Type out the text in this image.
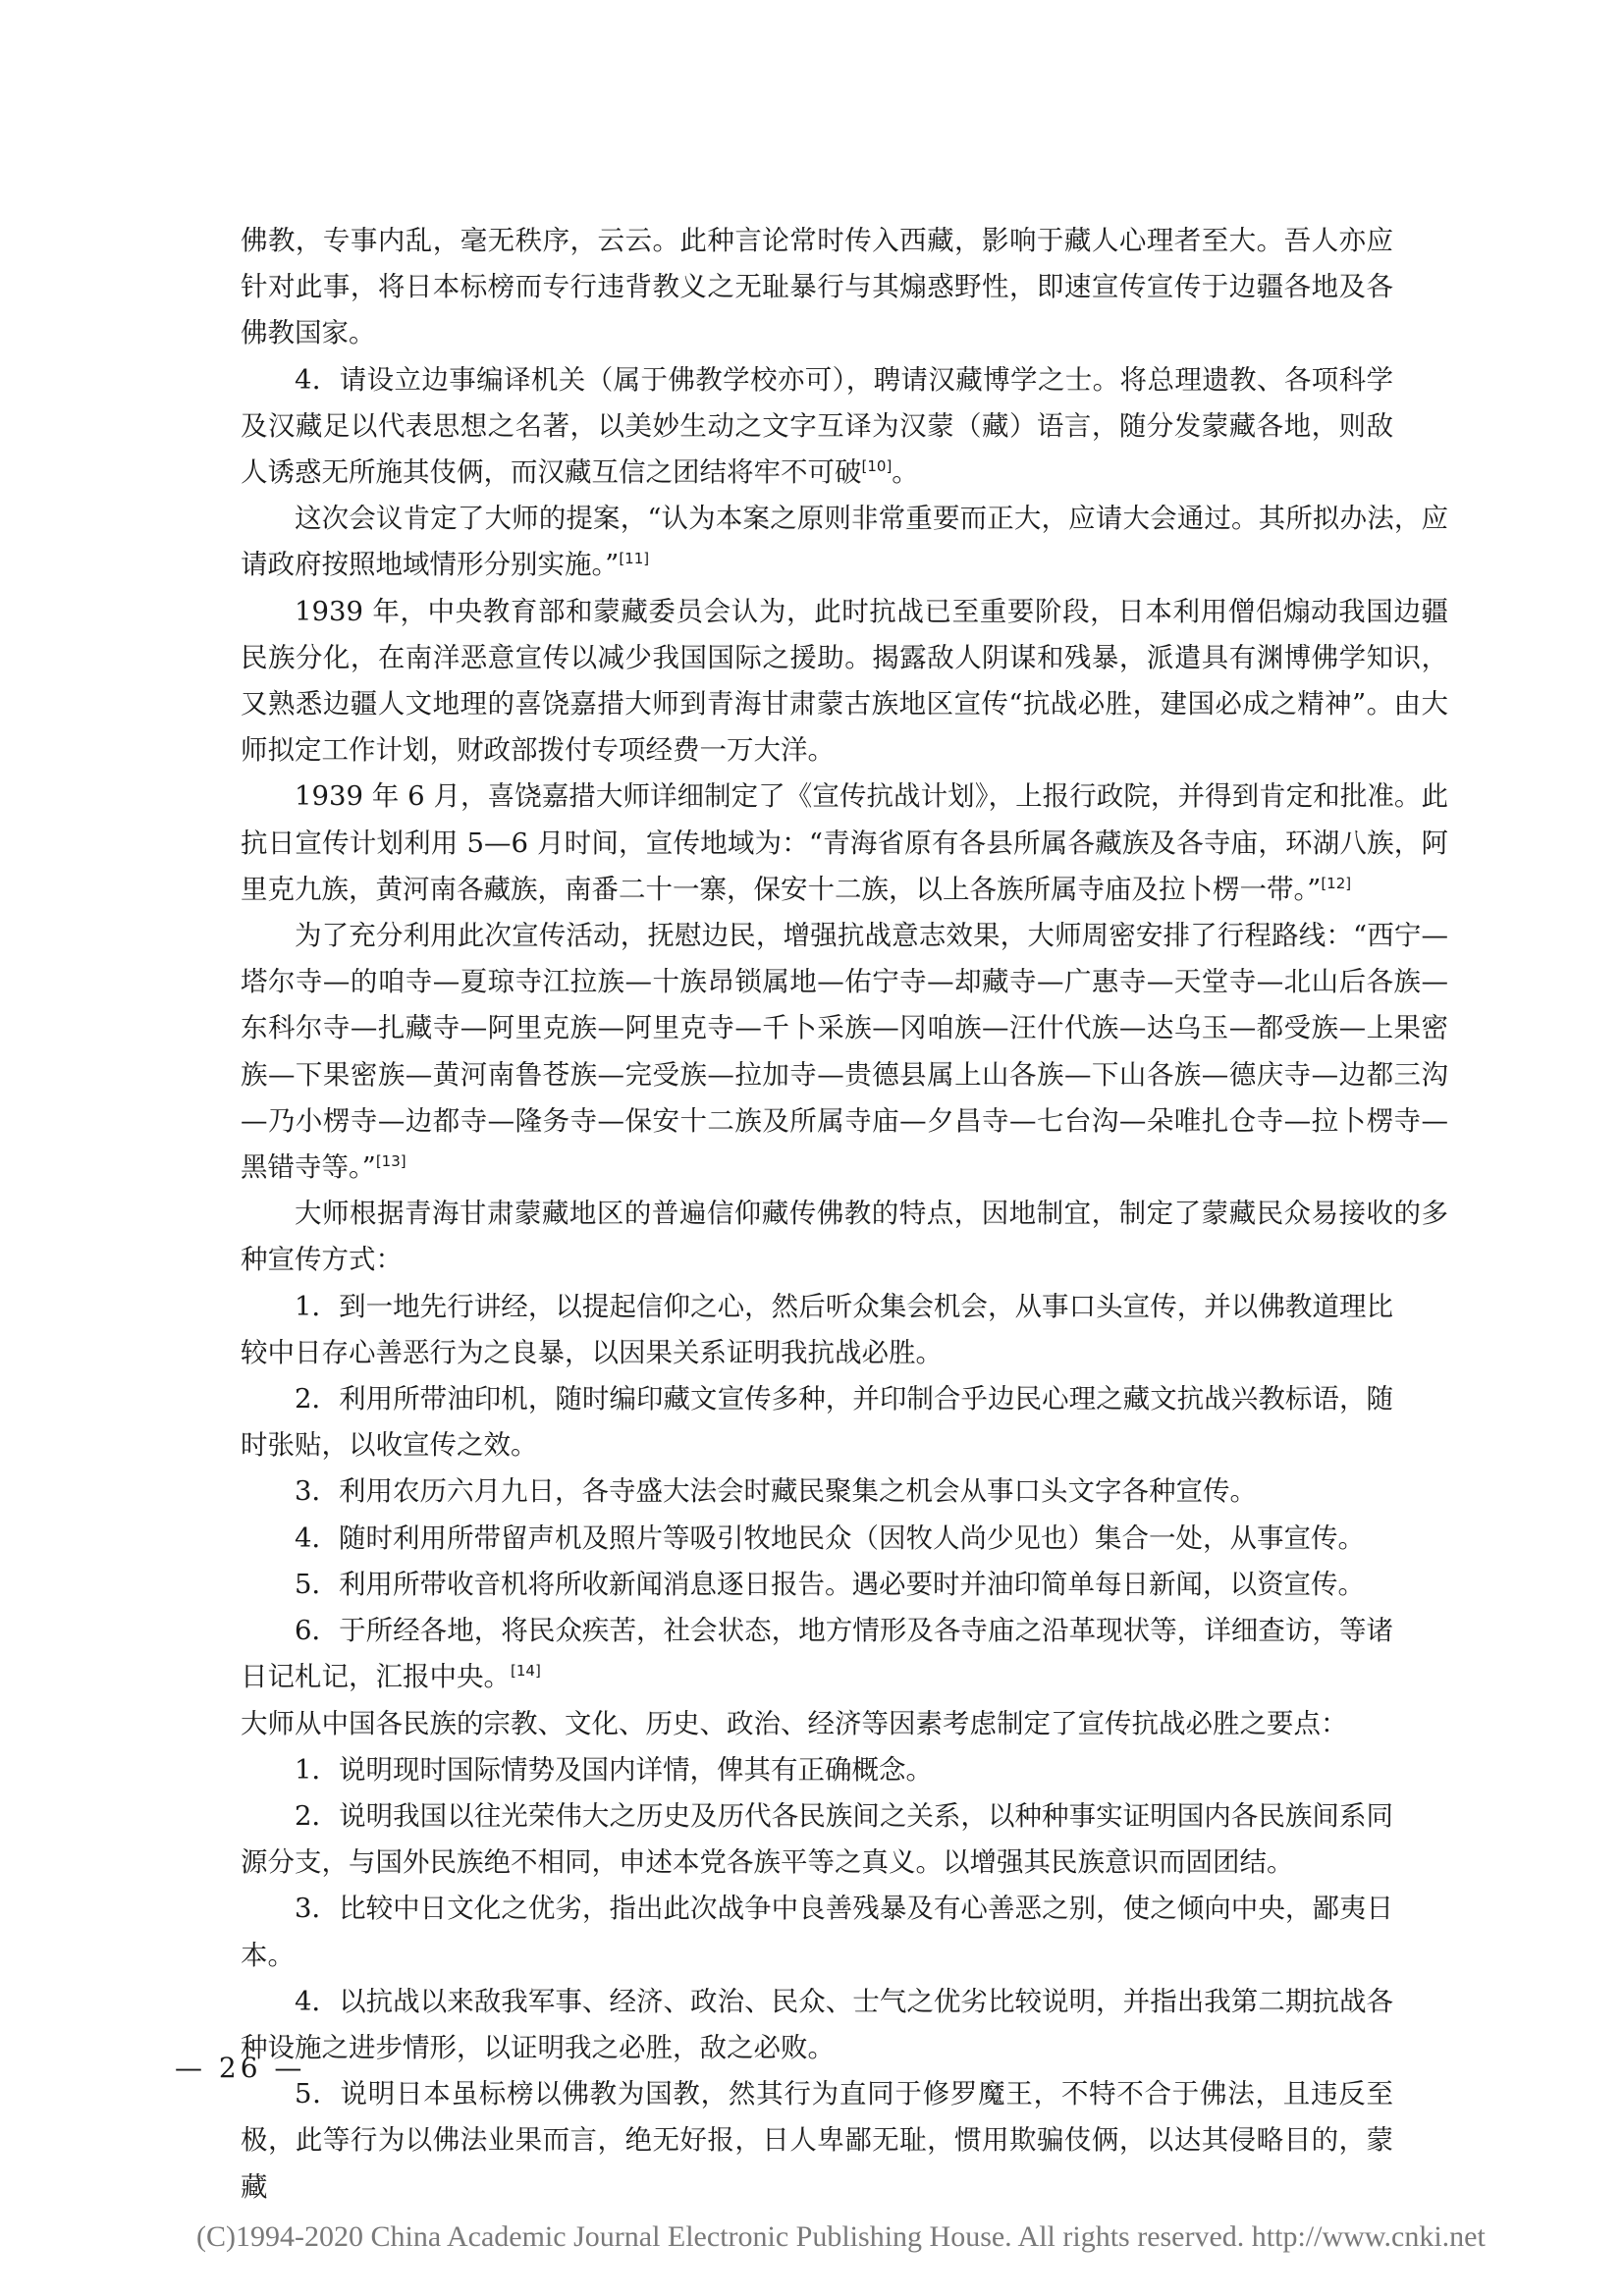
佛教，专事内乱，毫无秩序，云云。此种言论常时传入西藏，影响于藏人心理者至大。吾人亦应针对此事，将日本标榜而专行违背教义之无耻暴行与其煽惑野性，即速宣传宣传于边疆各地及各佛教国家。

4．请设立边事编译机关（属于佛教学校亦可），聘请汉藏博学之士。将总理遗教、各项科学及汉藏足以代表思想之名著，以美妙生动之文字互译为汉蒙（藏）语言，随分发蒙藏各地，则敌人诱惑无所施其伎俩，而汉藏互信之团结将牢不可破[10]。

这次会议肯定了大师的提案，“认为本案之原则非常重要而正大，应请大会通过。其所拟办法，应请政府按照地域情形分别实施。”[11]

1939 年，中央教育部和蒙藏委员会认为，此时抗战已至重要阶段，日本利用僧侣煽动我国边疆民族分化，在南洋恶意宣传以减少我国国际之援助。揭露敌人阴谋和残暴，派遣具有渊博佛学知识，又熟悉边疆人文地理的喜饶嘉措大师到青海甘肃蒙古族地区宣传“抗战必胜，建国必成之精神”。由大师拟定工作计划，财政部拨付专项经费一万大洋。

1939 年 6 月，喜饶嘉措大师详细制定了《宣传抗战计划》，上报行政院，并得到肯定和批准。此抗日宣传计划利用 5—6 月时间，宣传地域为：“青海省原有各县所属各藏族及各寺庙，环湖八族，阿里克九族，黄河南各藏族，南番二十一寨，保安十二族，以上各族所属寺庙及拉卜楞一带。”[12]

为了充分利用此次宣传活动，抚慰边民，增强抗战意志效果，大师周密安排了行程路线：“西宁—塔尔寺—的咱寺—夏琼寺江拉族—十族昂锁属地—佑宁寺—却藏寺—广惠寺—天堂寺—北山后各族—东科尔寺—扎藏寺—阿里克族—阿里克寺—千卜采族—冈咱族—汪什代族—达乌玉—都受族—上果密族—下果密族—黄河南鲁苍族—完受族—拉加寺—贵德县属上山各族—下山各族—德庆寺—边都三沟—乃小楞寺—边都寺—隆务寺—保安十二族及所属寺庙—夕昌寺—七台沟—朵唯扎仓寺—拉卜楞寺—黑错寺等。”[13]

大师根据青海甘肃蒙藏地区的普遍信仰藏传佛教的特点，因地制宜，制定了蒙藏民众易接收的多种宣传方式：

1．到一地先行讲经，以提起信仰之心，然后听众集会机会，从事口头宣传，并以佛教道理比较中日存心善恶行为之良暴，以因果关系证明我抗战必胜。

2．利用所带油印机，随时编印藏文宣传多种，并印制合乎边民心理之藏文抗战兴教标语，随时张贴，以收宣传之效。

3．利用农历六月九日，各寺盛大法会时藏民聚集之机会从事口头文字各种宣传。

4．随时利用所带留声机及照片等吸引牧地民众（因牧人尚少见也）集合一处，从事宣传。

5．利用所带收音机将所收新闻消息逐日报告。遇必要时并油印简单每日新闻，以资宣传。

6．于所经各地，将民众疾苦，社会状态，地方情形及各寺庙之沿革现状等，详细查访，等诸日记札记，汇报中央。[14]

大师从中国各民族的宗教、文化、历史、政治、经济等因素考虑制定了宣传抗战必胜之要点：

1．说明现时国际情势及国内详情，俾其有正确概念。

2．说明我国以往光荣伟大之历史及历代各民族间之关系，以种种事实证明国内各民族间系同源分支，与国外民族绝不相同，申述本党各族平等之真义。以增强其民族意识而固团结。

3．比较中日文化之优劣，指出此次战争中良善残暴及有心善恶之别，使之倾向中央，鄙夷日本。

4．以抗战以来敌我军事、经济、政治、民众、士气之优劣比较说明，并指出我第二期抗战各种设施之进步情形，以证明我之必胜，敌之必败。

5．说明日本虽标榜以佛教为国教，然其行为直同于修罗魔王，不特不合于佛法，且违反至极，此等行为以佛法业果而言，绝无好报，日人卑鄙无耻，惯用欺骗伎俩，以达其侵略目的，蒙藏

— 26 —
(C)1994-2020 China Academic Journal Electronic Publishing House. All rights reserved. http://www.cnki.net
